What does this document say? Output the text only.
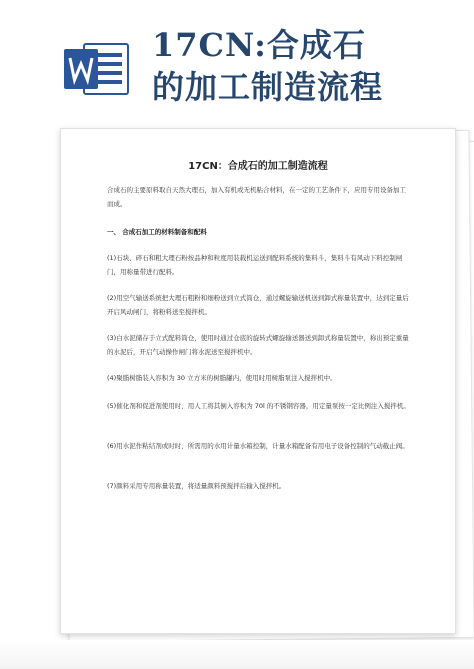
17CN:合成石
的加工制造流程
17CN：合成石的加工制造流程
合成石的主要原料取自天然大理石，加入有机或无机粘合材料，在一定的工艺条件下，应用专用设备加工而成。
一、 合成石加工的材料制备和配料
(1)石块、碎石和粗大理石粉按品种和粒度用装载机运送到配料系统的集料斗，集料斗有风动下料控制闸门，用称量带进行配料。
(2)用空气输送系统把大理石粗粉和细粉送到立式筒仓，通过螺旋输送机送到卸式称量装置中，达到定量后开启风动闸门，将粉料送至搅拌机。
(3)白水泥储存于立式配料筒仓，使用时通过仓底的旋转式螺旋输送器送到卸式称量装置中，称出预定重量的水泥后，开启气动操作闸门将水泥送至搅拌机中。
(4)聚脂树脂装入容积为 30 立方米的树脂罐内，使用时用树脂泵注入搅拌机中。
(5)催化剂和促进剂使用时，用人工将其倒入容积为 70l 的不锈钢容器，用定量泵按一定比例注入搅拌机。
(6)用水泥作粘结剂或时时，所需用的水用计量水箱控制，计量水箱配备有用电子设备控制的气动截止阀。
(7)颜料采用专用称量装置，将适量颜料预搅拌后输入搅拌机。
